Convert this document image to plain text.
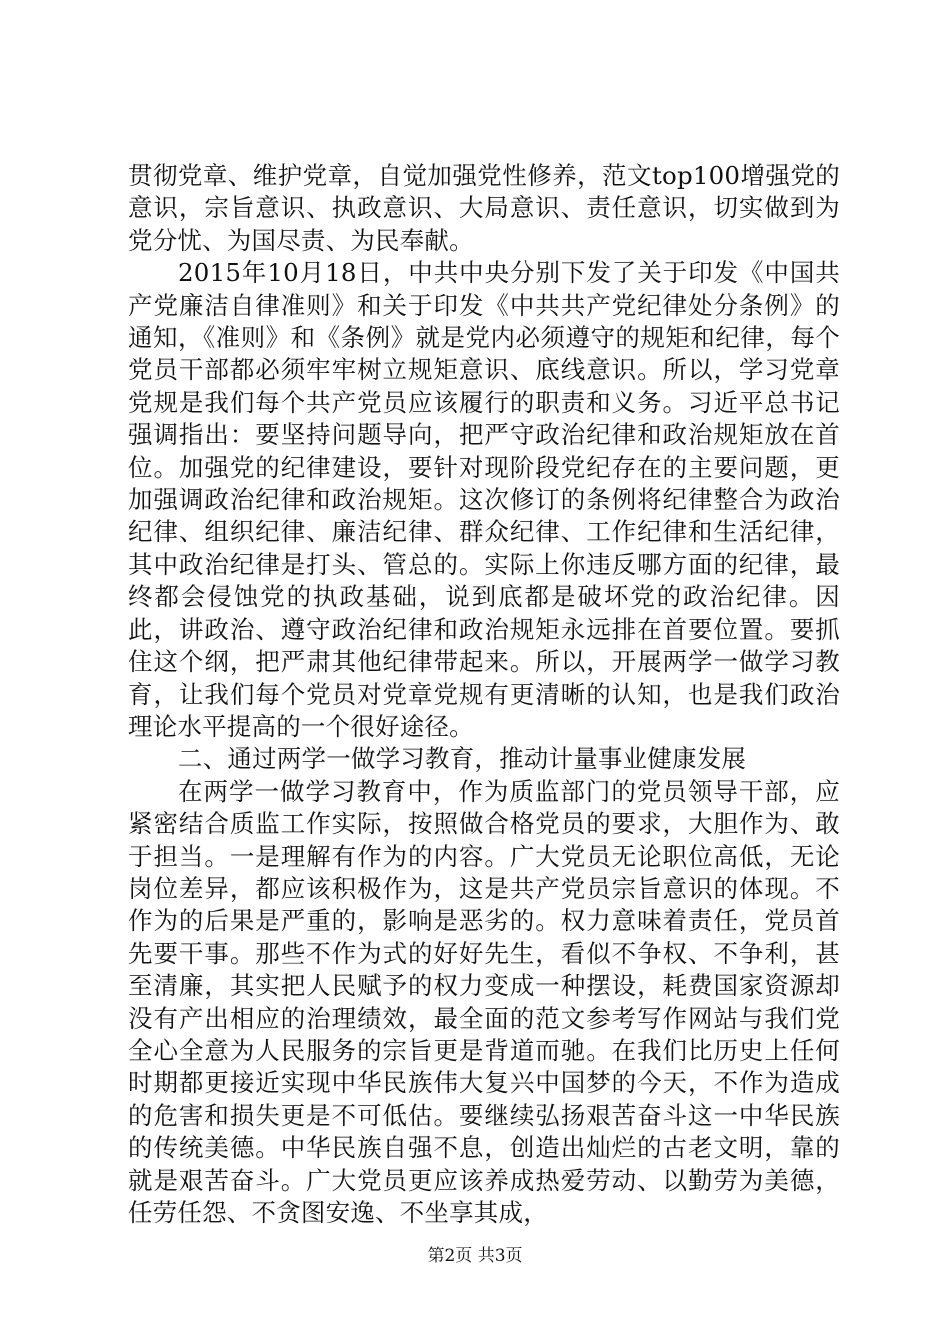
贯彻党章、维护党章，自觉加强党性修养，范文top100增强党的意识，宗旨意识、执政意识、大局意识、责任意识，切实做到为党分忧、为国尽责、为民奉献。

2015年10月18日，中共中央分别下发了关于印发《中国共产党廉洁自律准则》和关于印发《中共共产党纪律处分条例》的通知，《准则》和《条例》就是党内必须遵守的规矩和纪律，每个党员干部都必须牢牢树立规矩意识、底线意识。所以，学习党章党规是我们每个共产党员应该履行的职责和义务。习近平总书记强调指出：要坚持问题导向，把严守政治纪律和政治规矩放在首位。加强党的纪律建设，要针对现阶段党纪存在的主要问题，更加强调政治纪律和政治规矩。这次修订的条例将纪律整合为政治纪律、组织纪律、廉洁纪律、群众纪律、工作纪律和生活纪律，其中政治纪律是打头、管总的。实际上你违反哪方面的纪律，最终都会侵蚀党的执政基础，说到底都是破坏党的政治纪律。因此，讲政治、遵守政治纪律和政治规矩永远排在首要位置。要抓住这个纲，把严肃其他纪律带起来。所以，开展两学一做学习教育，让我们每个党员对党章党规有更清晰的认知，也是我们政治理论水平提高的一个很好途径。

二、通过两学一做学习教育，推动计量事业健康发展

在两学一做学习教育中，作为质监部门的党员领导干部，应紧密结合质监工作实际，按照做合格党员的要求，大胆作为、敢于担当。一是理解有作为的内容。广大党员无论职位高低，无论岗位差异，都应该积极作为，这是共产党员宗旨意识的体现。不作为的后果是严重的，影响是恶劣的。权力意味着责任，党员首先要干事。那些不作为式的好好先生，看似不争权、不争利，甚至清廉，其实把人民赋予的权力变成一种摆设，耗费国家资源却没有产出相应的治理绩效，最全面的范文参考写作网站与我们党全心全意为人民服务的宗旨更是背道而驰。在我们比历史上任何时期都更接近实现中华民族伟大复兴中国梦的今天，不作为造成的危害和损失更是不可低估。要继续弘扬艰苦奋斗这一中华民族的传统美德。中华民族自强不息，创造出灿烂的古老文明，靠的就是艰苦奋斗。广大党员更应该养成热爱劳动、以勤劳为美德，任劳任怨、不贪图安逸、不坐享其成，

第2页 共3页
